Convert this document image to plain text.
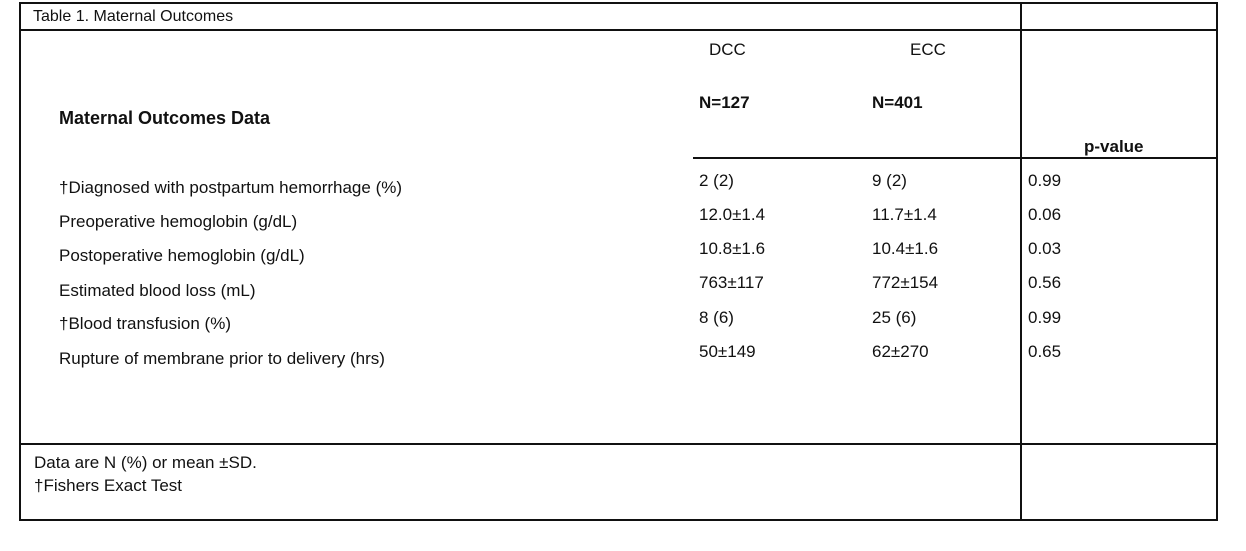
Table 1. Maternal Outcomes
DCC	ECC
N=127	N=401
Maternal Outcomes Data
p-value
†Diagnosed with postpartum hemorrhage (%)	2 (2)	9 (2)	0.99
Preoperative hemoglobin (g/dL)	12.0±1.4	11.7±1.4	0.06
Postoperative hemoglobin (g/dL)	10.8±1.6	10.4±1.6	0.03
Estimated blood loss (mL)	763±117	772±154	0.56
†Blood transfusion (%)	8 (6)	25 (6)	0.99
Rupture of membrane prior to delivery (hrs)	50±149	62±270	0.65
Data are N (%) or mean ±SD.
†Fishers Exact Test
